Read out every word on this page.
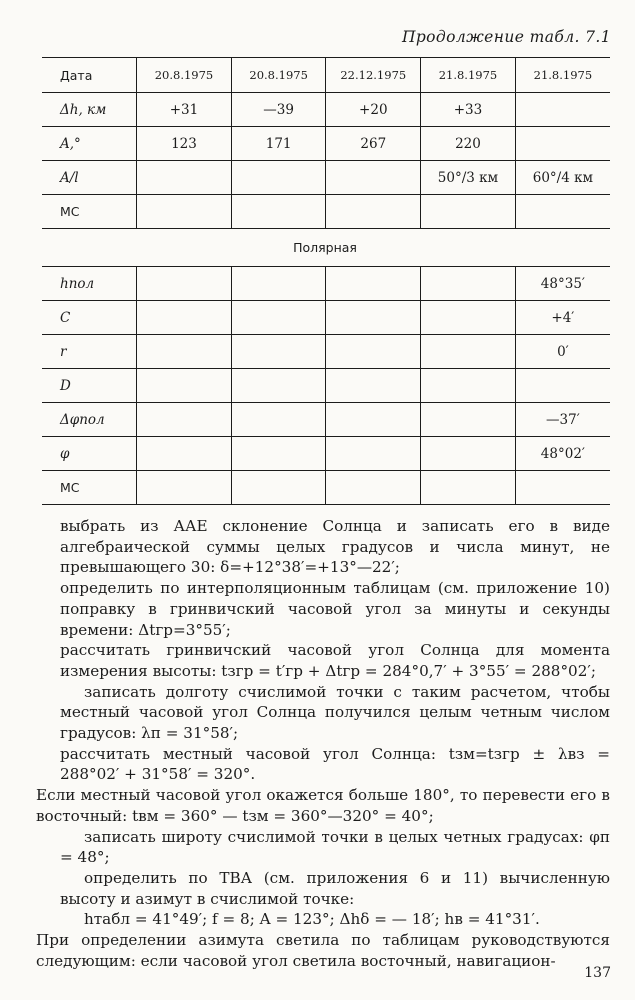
Продолжение табл. 7.1
Дата	20.8.1975	20.8.1975	22.12.1975	21.8.1975	21.8.1975
Δh, км	+31	—39	+20	+33	
A,°	123	171	267	220	
A/l				50°/3 км	60°/4 км
МС					
Полярная					
hпол					48°35′
C					+4′
r					0′
D					
Δφпол					—37′
φ					48°02′
МС					

выбрать из ААЕ склонение Солнца и записать его в виде алгебраической суммы целых градусов и числа минут, не превышающего 30: δ=+12°38′=+13°—22′;

определить по интерполяционным таблицам (см. приложение 10) поправку в гринвичский часовой угол за минуты и секунды времени: Δtгр=3°55′;

рассчитать гринвичский часовой угол Солнца для момента измерения высоты: tзгр = t′гр + Δtгр = 284°0,7′ + 3°55′ = 288°02′;

записать долготу счислимой точки с таким расчетом, чтобы местный часовой угол Солнца получился целым четным числом градусов: λп = 31°58′;

рассчитать местный часовой угол Солнца: tзм=tзгр ± λвз = 288°02′ + 31°58′ = 320°.

Если местный часовой угол окажется больше 180°, то перевести его в восточный: tвм = 360° — tзм = 360°—320° = 40°;

записать широту счислимой точки в целых четных градусах: φп = 48°;

определить по ТВА (см. приложения 6 и 11) вычисленную высоту и азимут в счислимой точке:

hтабл = 41°49′; f = 8; A = 123°; Δhδ = — 18′; hв = 41°31′.

При определении азимута светила по таблицам руководствуются следующим: если часовой угол светила восточный, навигацион-

137
